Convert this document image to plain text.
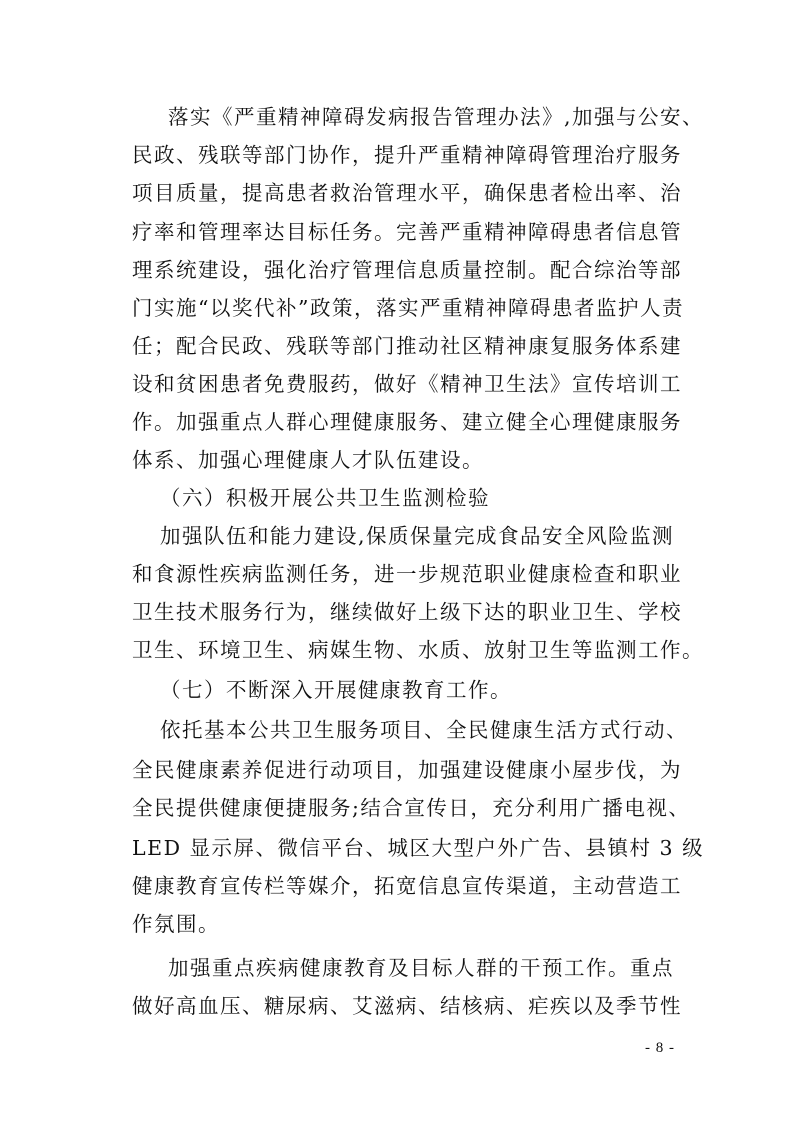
落实《严重精神障碍发病报告管理办法》,加强与公安、
民政、残联等部门协作，提升严重精神障碍管理治疗服务
项目质量，提高患者救治管理水平，确保患者检出率、治
疗率和管理率达目标任务。完善严重精神障碍患者信息管
理系统建设，强化治疗管理信息质量控制。配合综治等部
门实施“以奖代补”政策，落实严重精神障碍患者监护人责
任；配合民政、残联等部门推动社区精神康复服务体系建
设和贫困患者免费服药，做好《精神卫生法》宣传培训工
作。加强重点人群心理健康服务、建立健全心理健康服务
体系、加强心理健康人才队伍建设。
（六）积极开展公共卫生监测检验
加强队伍和能力建设,保质保量完成食品安全风险监测
和食源性疾病监测任务，进一步规范职业健康检查和职业
卫生技术服务行为，继续做好上级下达的职业卫生、学校
卫生、环境卫生、病媒生物、水质、放射卫生等监测工作。
（七）不断深入开展健康教育工作。
依托基本公共卫生服务项目、全民健康生活方式行动、
全民健康素养促进行动项目，加强建设健康小屋步伐，为
全民提供健康便捷服务;结合宣传日，充分利用广播电视、
LED 显示屏、微信平台、城区大型户外广告、县镇村 3 级
健康教育宣传栏等媒介，拓宽信息宣传渠道，主动营造工
作氛围。
加强重点疾病健康教育及目标人群的干预工作。重点
做好高血压、糖尿病、艾滋病、结核病、疟疾以及季节性
- 8 -
